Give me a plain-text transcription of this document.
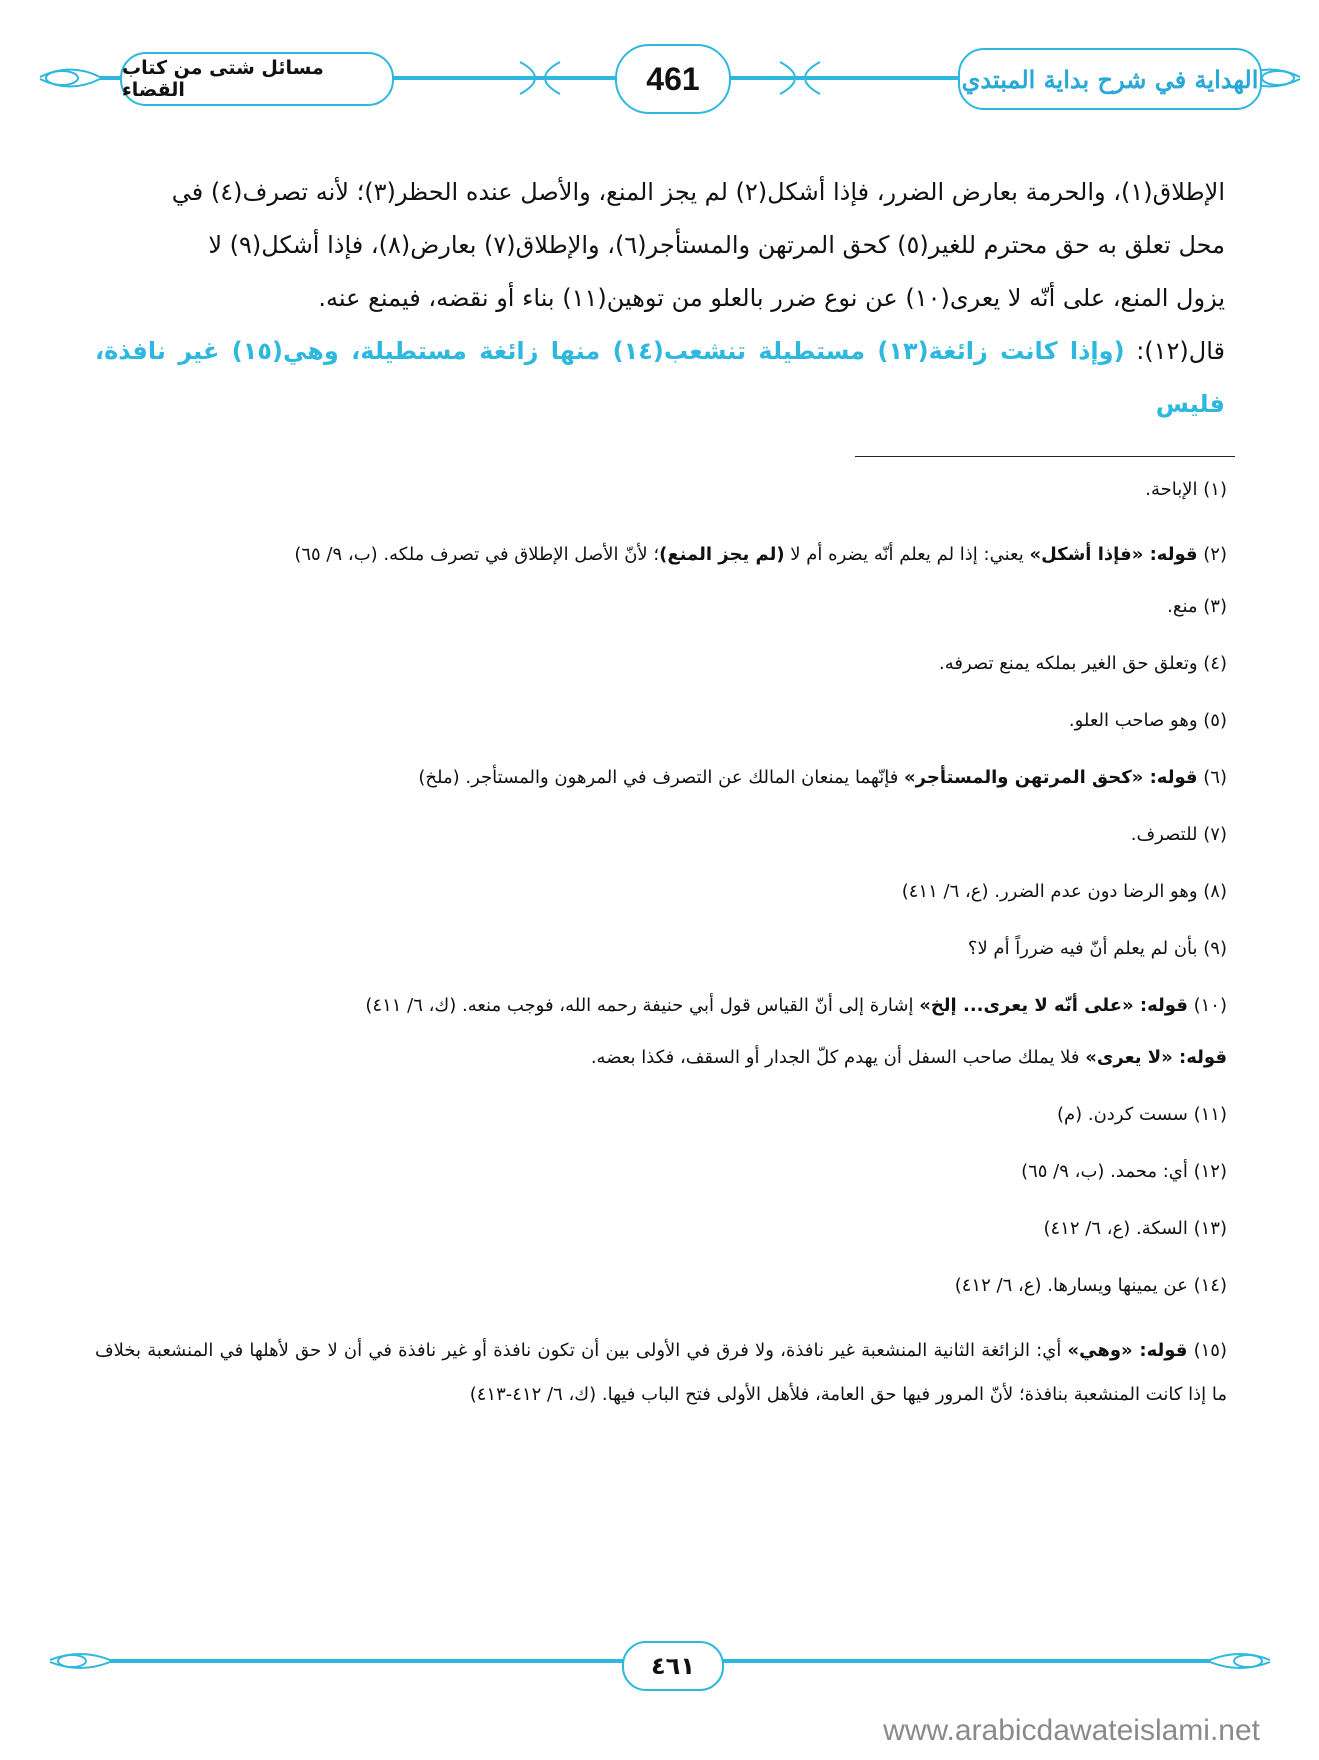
مسائل شتى من كتاب القضاء	461	الهداية في شرح بداية المبتدي

الإطلاق(١)، والحرمة بعارض الضرر، فإذا أشكل(٢) لم يجز المنع، والأصل عنده الحظر(٣)؛ لأنه تصرف(٤) في

محل تعلق به حق محترم للغير(٥) كحق المرتهن والمستأجر(٦)، والإطلاق(٧) بعارض(٨)، فإذا أشكل(٩) لا

يزول المنع، على أنّه لا يعرى(١٠) عن نوع ضرر بالعلو من توهين(١١) بناء أو نقضه، فيمنع عنه.

قال(١٢): (وإذا كانت زائغة(١٣) مستطيلة تنشعب(١٤) منها زائغة مستطيلة، وهي(١٥) غير نافذة، فليس

(١) الإباحة.

(٢) قوله: «فإذا أشكل» يعني: إذا لم يعلم أنّه يضره أم لا (لم يجز المنع)؛ لأنّ الأصل الإطلاق في تصرف ملكه. (ب، ٩/ ٦٥)

(٣) منع.

(٤) وتعلق حق الغير بملكه يمنع تصرفه.

(٥) وهو صاحب العلو.

(٦) قوله: «كحق المرتهن والمستأجر» فإنّهما يمنعان المالك عن التصرف في المرهون والمستأجر. (ملخ)

(٧) للتصرف.

(٨) وهو الرضا دون عدم الضرر. (ع، ٦/ ٤١١)

(٩) بأن لم يعلم أنّ فيه ضرراً أم لا؟

(١٠) قوله: «على أنّه لا يعرى... إلخ» إشارة إلى أنّ القياس قول أبي حنيفة رحمه الله، فوجب منعه. (ك، ٦/ ٤١١)

قوله: «لا يعرى» فلا يملك صاحب السفل أن يهدم كلّ الجدار أو السقف، فكذا بعضه.

(١١) سست كردن. (م)

(١٢) أي: محمد. (ب، ٩/ ٦٥)

(١٣) السكة. (ع، ٦/ ٤١٢)

(١٤) عن يمينها ويسارها. (ع، ٦/ ٤١٢)

(١٥) قوله: «وهي» أي: الزائغة الثانية المنشعبة غير نافذة، ولا فرق في الأولى بين أن تكون نافذة أو غير نافذة في أن لا حق لأهلها في المنشعبة بخلاف ما إذا كانت المنشعبة بنافذة؛ لأنّ المرور فيها حق العامة، فلأهل الأولى فتح الباب فيها. (ك، ٦/ ٤١٢-٤١٣)

٤٦١
www.arabicdawateislami.net
